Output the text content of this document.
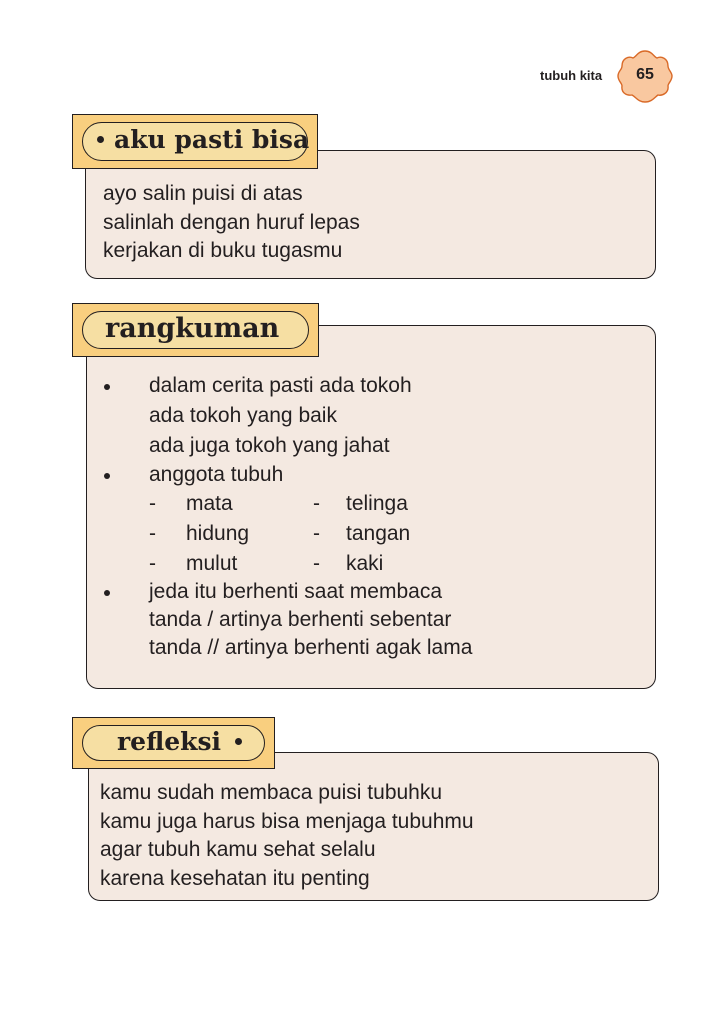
tubuh kita	65
aku pasti bisa
ayo salin puisi di atas
salinlah dengan huruf lepas
kerjakan di buku tugasmu
rangkuman
dalam cerita pasti ada tokoh
ada tokoh yang baik
ada juga tokoh yang jahat
anggota tubuh
- mata	- telinga
- hidung	- tangan
- mulut	- kaki
jeda itu berhenti saat membaca
tanda / artinya berhenti sebentar
tanda // artinya berhenti agak lama
refleksi
kamu sudah membaca puisi tubuhku
kamu juga harus bisa menjaga tubuhmu
agar tubuh kamu sehat selalu
karena kesehatan itu penting
